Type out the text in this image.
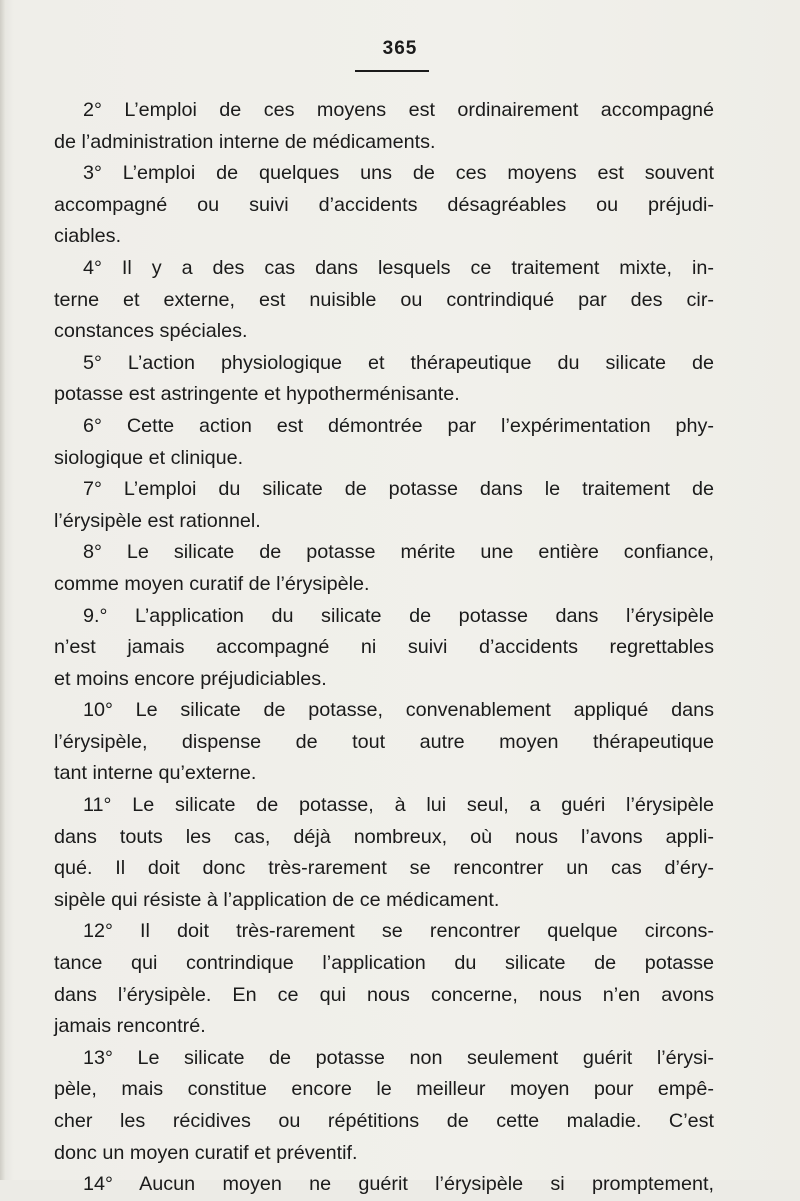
365
2° L’emploi de ces moyens est ordinairement accompagné
de l’administration interne de médicaments.
3° L’emploi de quelques uns de ces moyens est souvent
accompagné ou suivi d’accidents désagréables ou préjudi-
ciables.
4° Il y a des cas dans lesquels ce traitement mixte, in-
terne et externe, est nuisible ou contrindiqué par des cir-
constances spéciales.
5° L’action physiologique et thérapeutique du silicate de
potasse est astringente et hypotherménisante.
6° Cette action est démontrée par l’expérimentation phy-
siologique et clinique.
7° L’emploi du silicate de potasse dans le traitement de
l’érysipèle est rationnel.
8° Le silicate de potasse mérite une entière confiance,
comme moyen curatif de l’érysipèle.
9.° L’application du silicate de potasse dans l’érysipèle
n’est jamais accompagné ni suivi d’accidents regrettables
et moins encore préjudiciables.
10° Le silicate de potasse, convenablement appliqué dans
l’érysipèle, dispense de tout autre moyen thérapeutique
tant interne qu’externe.
11° Le silicate de potasse, à lui seul, a guéri l’érysipèle
dans touts les cas, déjà nombreux, où nous l’avons appli-
qué. Il doit donc très-rarement se rencontrer un cas d’éry-
sipèle qui résiste à l’application de ce médicament.
12° Il doit très-rarement se rencontrer quelque circons-
tance qui contrindique l’application du silicate de potasse
dans l’érysipèle. En ce qui nous concerne, nous n’en avons
jamais rencontré.
13° Le silicate de potasse non seulement guérit l’érysi-
pèle, mais constitue encore le meilleur moyen pour empê-
cher les récidives ou répétitions de cette maladie. C’est
donc un moyen curatif et préventif.
14° Aucun moyen ne guérit l’érysipèle si promptement,
